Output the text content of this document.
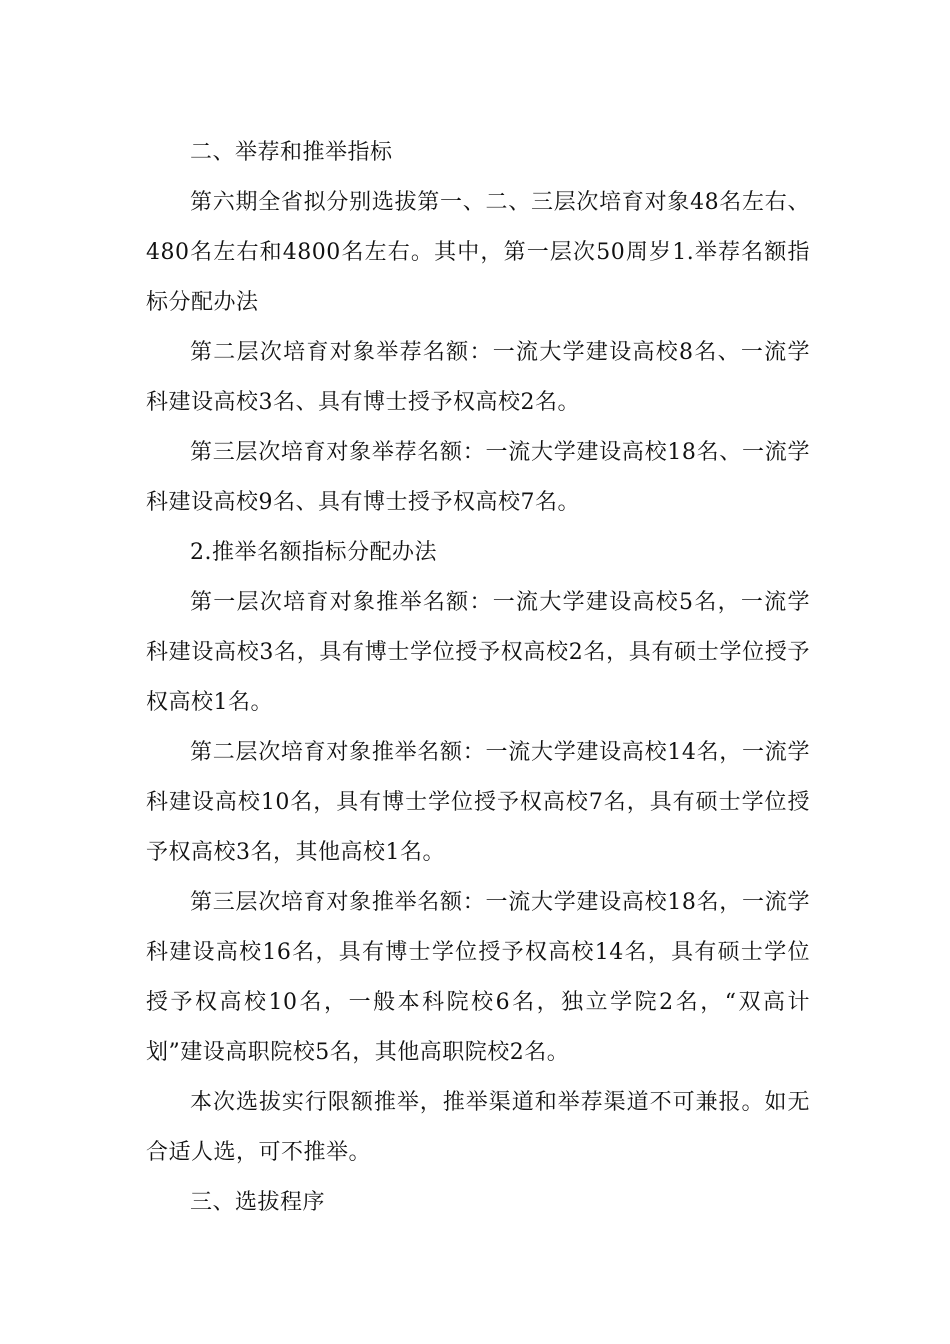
二、举荐和推举指标

第六期全省拟分别选拔第一、二、三层次培育对象48名左右、480名左右和4800名左右。其中，第一层次50周岁1.举荐名额指标分配办法

第二层次培育对象举荐名额：一流大学建设高校8名、一流学科建设高校3名、具有博士授予权高校2名。

第三层次培育对象举荐名额：一流大学建设高校18名、一流学科建设高校9名、具有博士授予权高校7名。

2.推举名额指标分配办法

第一层次培育对象推举名额：一流大学建设高校5名，一流学科建设高校3名，具有博士学位授予权高校2名，具有硕士学位授予权高校1名。

第二层次培育对象推举名额：一流大学建设高校14名，一流学科建设高校10名，具有博士学位授予权高校7名，具有硕士学位授予权高校3名，其他高校1名。

第三层次培育对象推举名额：一流大学建设高校18名，一流学科建设高校16名，具有博士学位授予权高校14名，具有硕士学位授予权高校10名，一般本科院校6名，独立学院2名，“双高计划”建设高职院校5名，其他高职院校2名。

本次选拔实行限额推举，推举渠道和举荐渠道不可兼报。如无合适人选，可不推举。

三、选拔程序
